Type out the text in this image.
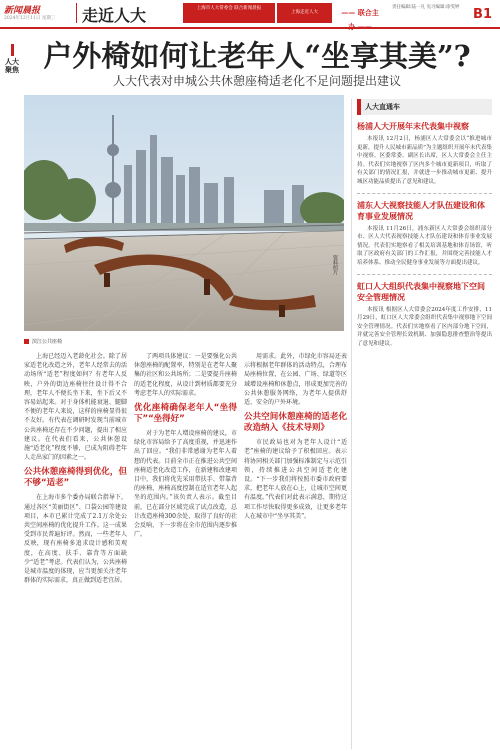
新闻晨报
2024年12月11日 星期三 走近人大	上海市人大常委会 联合新闻晨报
上海走近人大	—— 联合主
责任编辑:陆一凡 见习编辑:徐雯婷 B1
人大聚焦 户外椅如何让老年人“坐享其美”?
人大代表对申城公共休憩座椅适老化不足问题提出建议
资料照片
滨江公共座椅

上海已经迈入老龄化社会。除了居家适老化改造之外，老年人经常去的活动场所“适老”程度如何？有老年人反映，户外的街边座椅往往设计得不合理，老年人不便长坐下来，坐下后又不容易站起来。对于身体机能衰退、腿脚不便的老年人来说，这样的座椅显得很不友好。有代表在调研时发现当前城市公共座椅还存在不少问题，提出了相应建议。在代表们看来，公共休憩设施“适老化”程度不够，已成为阻碍老年人走出家门的因素之一。

公共休憩座椅得到优化，但不够“适老”

在上海市多个委办局联合指导下，通过各区“美丽街区”、口袋公园等建设项目，本市已累计完成了2.1万余处公共空间座椅的优化提升工作。这一成果受到市民普遍好评。然而，一些老年人反映，现有座椅多追求设计感和美观度，在高度、扶手、靠背等方面缺少“适老”考虑。代表们认为，公共座椅是城市温度的体现，应当更加关注老年群体的实际需求，真正做到适老宜居。

了两项具体建议：一是要强化公共休憩座椅的配置率，特别是在老年人聚集的社区和公共场所；二是要提升座椅的适老化程度，从设计到材质都要充分考虑老年人的实际需求。

优化座椅确保老年人“坐得下”“坐得好”

对于为老年人增设座椅的建议，市绿化市容局给予了高度重视，并迅速作出了回应。“我们非常感谢为老年人着想的代表。目前全市正在推进公共空间座椅适老化改造工作，在新建和改建项目中，我们将优先采用带扶手、带靠背的座椅，座椅高度控制在适宜老年人起坐的范围内。”该负责人表示。截至目前，已在部分区域完成了试点改造，总计改造座椅300余处，取得了良好的社会反响，下一步将在全市范围内逐步推广。

用需求。此外，市绿化市容局还表示将根据老年群体的活动特点，合理布局座椅位置，在公园、广场、绿道等区域增设座椅和休憩点，形成更加完善的公共休憩服务网络，为老年人提供舒适、安全的户外环境。

公共空间休憩座椅的适老化改造纳入《技术导则》

市民政局也对为老年人设计“适老”座椅的建议给予了积极回应。表示将协同相关部门加强标准制定与示范引领，持续推进公共空间适老化建设。“下一步我们将按照市委市政府要求，把老年人放在心上，让城市空间更有温度。”代表们对此表示满意，期待这项工作尽快取得更多成效，让更多老年人在城市中“坐享其美”。

人大直通车
杨浦人大开展年末代表集中视察

本报讯 12月2日，杨浦区人大常委会以“推进城市更新，提升人民城市新品质”为主题组织开展年末代表集中视察。区委常委、副区长出席，区人大常委会主任主持。代表们实地视察了区内多个城市更新项目，听取了有关部门的情况汇报，并就进一步推动城市更新、提升城区功能品质提出了意见和建议。

浦东人大视察技能人才队伍建设和体育事业发展情况

本报讯 11月26日，浦东新区人大常委会组织部分市、区人大代表视察技能人才队伍建设和体育事业发展情况。代表们实地察看了相关培训基地和体育场馆，听取了区政府有关部门的工作汇报，并围绕完善技能人才培养体系、推动全民健身事业发展等方面提出建议。

虹口人大组织代表集中视察地下空间安全管理情况

本报讯 根据区人大常委会2024年度工作安排，11月29日，虹口区人大常委会组织代表集中视察地下空间安全管理情况。代表们实地察看了区内部分地下空间，并就完善安全管理长效机制、加强隐患排查整治等提出了意见和建议。
